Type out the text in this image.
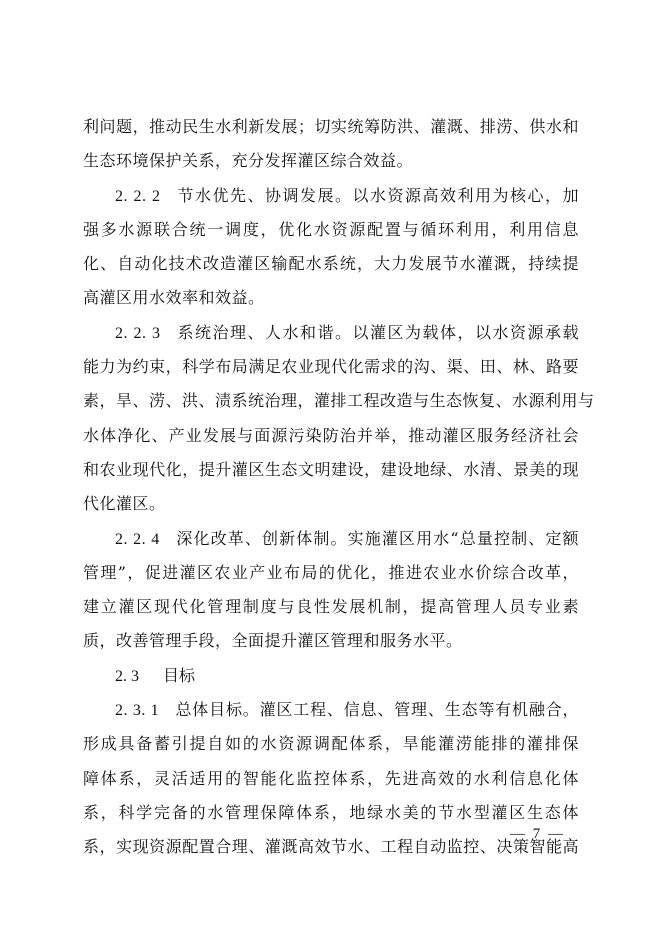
利问题，推动民生水利新发展；切实统筹防洪、灌溉、排涝、供水和
生态环境保护关系，充分发挥灌区综合效益。
2. 2. 2 节水优先、协调发展。以水资源高效利用为核心，加
强多水源联合统一调度，优化水资源配置与循环利用，利用信息
化、自动化技术改造灌区输配水系统，大力发展节水灌溉，持续提
高灌区用水效率和效益。
2. 2. 3 系统治理、人水和谐。以灌区为载体，以水资源承载
能力为约束，科学布局满足农业现代化需求的沟、渠、田、林、路要
素，旱、涝、洪、渍系统治理，灌排工程改造与生态恢复、水源利用与
水体净化、产业发展与面源污染防治并举，推动灌区服务经济社会
和农业现代化，提升灌区生态文明建设，建设地绿、水清、景美的现
代化灌区。
2. 2. 4 深化改革、创新体制。实施灌区用水“总量控制、定额
管理”，促进灌区农业产业布局的优化，推进农业水价综合改革，
建立灌区现代化管理制度与良性发展机制，提高管理人员专业素
质，改善管理手段，全面提升灌区管理和服务水平。
2. 3 目标
2. 3. 1 总体目标。灌区工程、信息、管理、生态等有机融合，
形成具备蓄引提自如的水资源调配体系，旱能灌涝能排的灌排保
障体系，灵活适用的智能化监控体系，先进高效的水利信息化体
系，科学完备的水管理保障体系，地绿水美的节水型灌区生态体
系，实现资源配置合理、灌溉高效节水、工程自动监控、决策智能高
— 7 —
